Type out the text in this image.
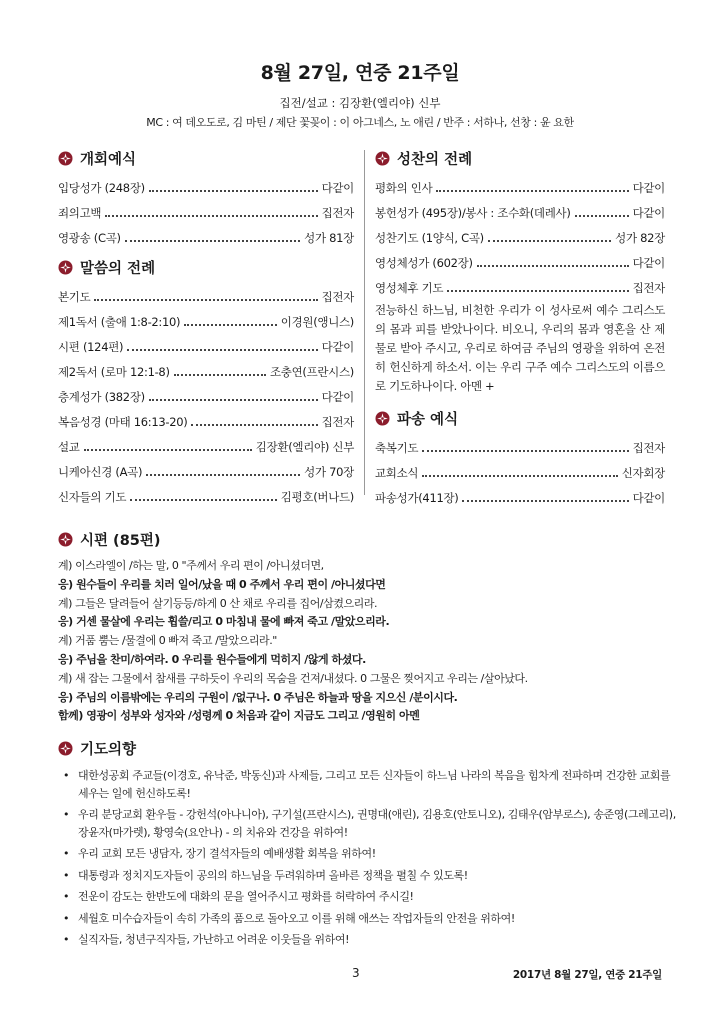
8월 27일, 연중 21주일
집전/설교 : 김장환(엘리야) 신부
MC : 여 데오도로, 김 마틴 / 제단 꽃꽂이 : 이 아그네스, 노 애린 / 반주 : 서하나, 선창 : 윤 요한
개회예식
입당성가 (248장)	다같이
죄의고백	집전자
영광송 (C곡)	성가 81장
말씀의 전례
본기도	집전자
제1독서 (출애 1:8-2:10)	이경원(앵니스)
시편 (124편)	다같이
제2독서 (로마 12:1-8)	조충연(프란시스)
층계성가 (382장)	다같이
복음성경 (마태 16:13-20)	집전자
설교	김장환(엘리야) 신부
니케아신경 (A곡)	성가 70장
신자들의 기도	김평호(버나드)
성찬의 전례
평화의 인사	다같이
봉헌성가 (495장)/봉사 : 조수화(데레사)	다같이
성찬기도 (1양식, C곡)	성가 82장
영성체성가 (602장)	다같이
영성체후 기도	집전자

전능하신 하느님, 비천한 우리가 이 성사로써 예수 그리스도의 몸과 피를 받았나이다. 비오니, 우리의 몸과 영혼을 산 제물로 받아 주시고, 우리로 하여금 주님의 영광을 위하여 온전히 헌신하게 하소서. 이는 우리 구주 예수 그리스도의 이름으로 기도하나이다. 아멘 +

파송 예식
축복기도	집전자
교회소식	신자회장
파송성가(411장)	다같이
시편 (85편)
계) 이스라엘이 /하는 말, 0 "주께서 우리 편이 /아니셨더면,
응) 원수들이 우리를 치러 일어/났을 때 0 주께서 우리 편이 /아니셨다면
계) 그들은 달려들어 살기등등/하게 0 산 채로 우리를 집어/삼켰으리라.
응) 거센 물살에 우리는 휩쓸/리고 0 마침내 물에 빠져 죽고 /말았으리라.
계) 거품 뿜는 /물결에 0 빠져 죽고 /말았으리라."
응) 주님을 찬미/하여라. 0 우리를 원수들에게 먹히지 /않게 하셨다.
계) 새 잡는 그물에서 참새를 구하듯이 우리의 목숨을 건져/내셨다. 0 그물은 찢어지고 우리는 /살아났다.
응) 주님의 이름밖에는 우리의 구원이 /없구나. 0 주님은 하늘과 땅을 지으신 /분이시다.
함께) 영광이 성부와 성자와 /성령께 0 처음과 같이 지금도 그리고 /영원히 아멘
기도의향
• 대한성공회 주교들(이경호, 유낙준, 박동신)과 사제들, 그리고 모든 신자들이 하느님 나라의 복음을 힘차게 전파하며 건강한 교회를 세우는 일에 헌신하도록!
• 우리 분당교회 환우들 - 강헌석(아나니아), 구기설(프란시스), 권명대(애린), 김용호(안토니오), 김태우(암부로스), 송준영(그레고리), 장윤자(마가렛), 황영숙(요안나) - 의 치유와 건강을 위하여!
• 우리 교회 모든 냉담자, 장기 결석자들의 예배생활 회복을 위하여!
• 대통령과 정치지도자들이 공의의 하느님을 두려워하며 올바른 정책을 펼칠 수 있도록!
• 전운이 감도는 한반도에 대화의 문을 열어주시고 평화를 허락하여 주시길!
• 세월호 미수습자들이 속히 가족의 품으로 돌아오고 이를 위해 애쓰는 작업자들의 안전을 위하여!
• 실직자들, 청년구직자들, 가난하고 어려운 이웃들을 위하여!
3	2017년 8월 27일, 연중 21주일
